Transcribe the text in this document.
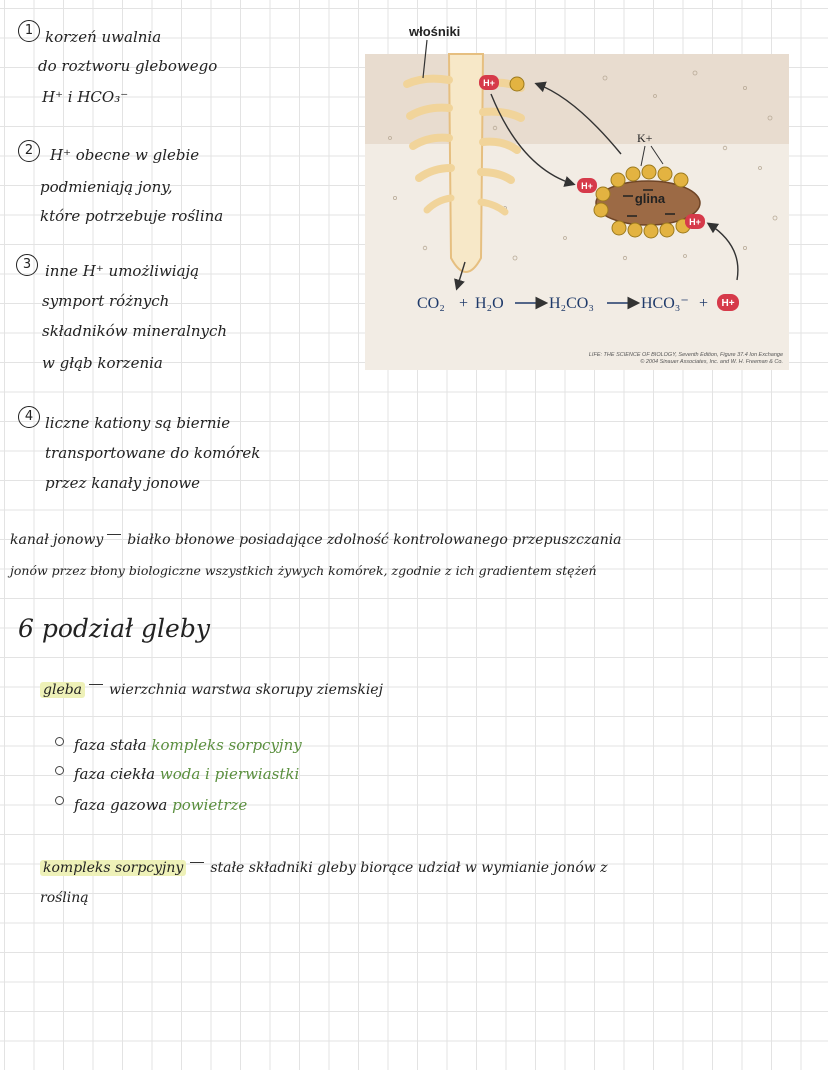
1 korzeń uwalnia
do roztworu glebowego
H⁺ i HCO₃⁻
2	H⁺ obecne w glebie
podmieniają jony,
które potrzebuje roślina
3 inne H⁺ umożliwiają
symport różnych
składników mineralnych
w głąb korzenia
4 liczne kationy są biernie
transportowane do komórek
przez kanały jonowe
włośniki
H+
glina
H+
H+
K+
CO₂ + H₂O	H₂CO₃	HCO₃⁻ + H+
LIFE: THE SCIENCE OF BIOLOGY, Seventh Edition, Figure 37.4 Ion Exchange
© 2004 Sinauer Associates, Inc. and W. H. Freeman & Co.
kanał jonowy białko błonowe posiadające zdolność kontrolowanego przepuszczania
jonów przez błony biologiczne wszystkich żywych komórek, zgodnie z ich gradientem stężeń
6 podział gleby
gleba wierzchnia warstwa skorupy ziemskiej
faza stała kompleks sorpcyjny
faza ciekła woda i pierwiastki
faza gazowa powietrze
kompleks sorpcyjny stałe składniki gleby biorące udział w wymianie jonów z
rośliną
